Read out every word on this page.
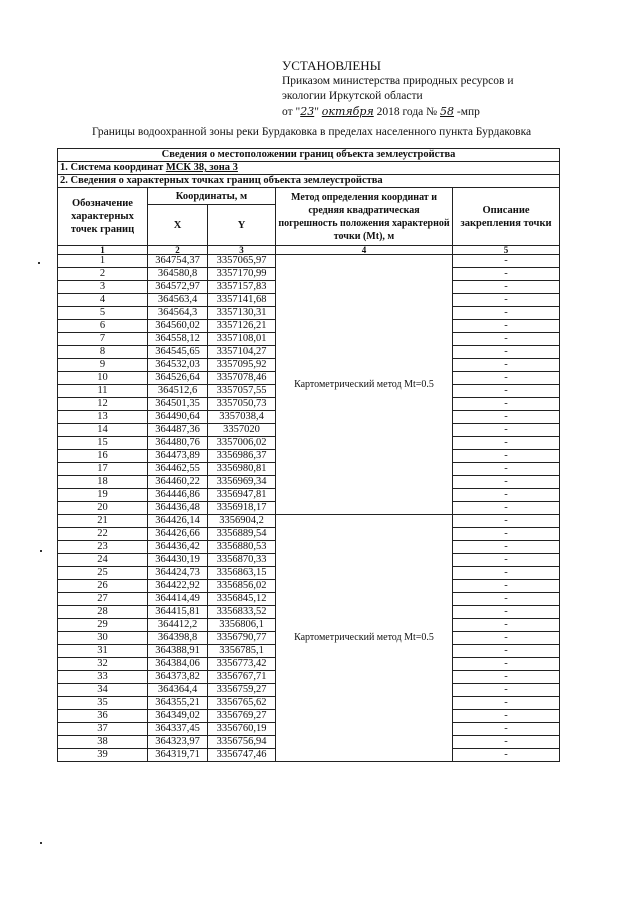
УСТАНОВЛЕНЫ
Приказом министерства природных ресурсов и
экологии Иркутской области
от "23" октября 2018 года № 58 -мпр
Границы водоохранной зоны реки Бурдаковка в пределах населенного пункта Бурдаковка
Сведения о местоположении границ объекта землеустройства				
1. Система координат МСК 38, зона 3				
2. Сведения о характерных точках границ объекта землеустройства				
Обозначение характерных точек границ	Координаты, м		Метод определения координат и средняя квадратическая погрешность положения характерной точки (Mt), м	Описание закрепления точки
	X	Y		
1	2	3	4	5
1	364754,37	3357065,97	Картометрический метод Mt=0.5	-
2	364580,8	3357170,99		-
3	364572,97	3357157,83		-
4	364563,4	3357141,68		-
5	364564,3	3357130,31		-
6	364560,02	3357126,21		-
7	364558,12	3357108,01		-
8	364545,65	3357104,27		-
9	364532,03	3357095,92		-
10	364526,64	3357078,46		-
11	364512,6	3357057,55		-
12	364501,35	3357050,73		-
13	364490,64	3357038,4		-
14	364487,36	3357020		-
15	364480,76	3357006,02		-
16	364473,89	3356986,37		-
17	364462,55	3356980,81		-
18	364460,22	3356969,34		-
19	364446,86	3356947,81		-
20	364436,48	3356918,17		-
21	364426,14	3356904,2	Картометрический метод Mt=0.5	-
22	364426,66	3356889,54		-
23	364436,42	3356880,53		-
24	364430,19	3356870,33		-
25	364424,73	3356863,15		-
26	364422,92	3356856,02		-
27	364414,49	3356845,12		-
28	364415,81	3356833,52		-
29	364412,2	3356806,1		-
30	364398,8	3356790,77		-
31	364388,91	3356785,1		-
32	364384,06	3356773,42		-
33	364373,82	3356767,71		-
34	364364,4	3356759,27		-
35	364355,21	3356765,62		-
36	364349,02	3356769,27		-
37	364337,45	3356760,19		-
38	364323,97	3356756,94		-
39	364319,71	3356747,46		-
